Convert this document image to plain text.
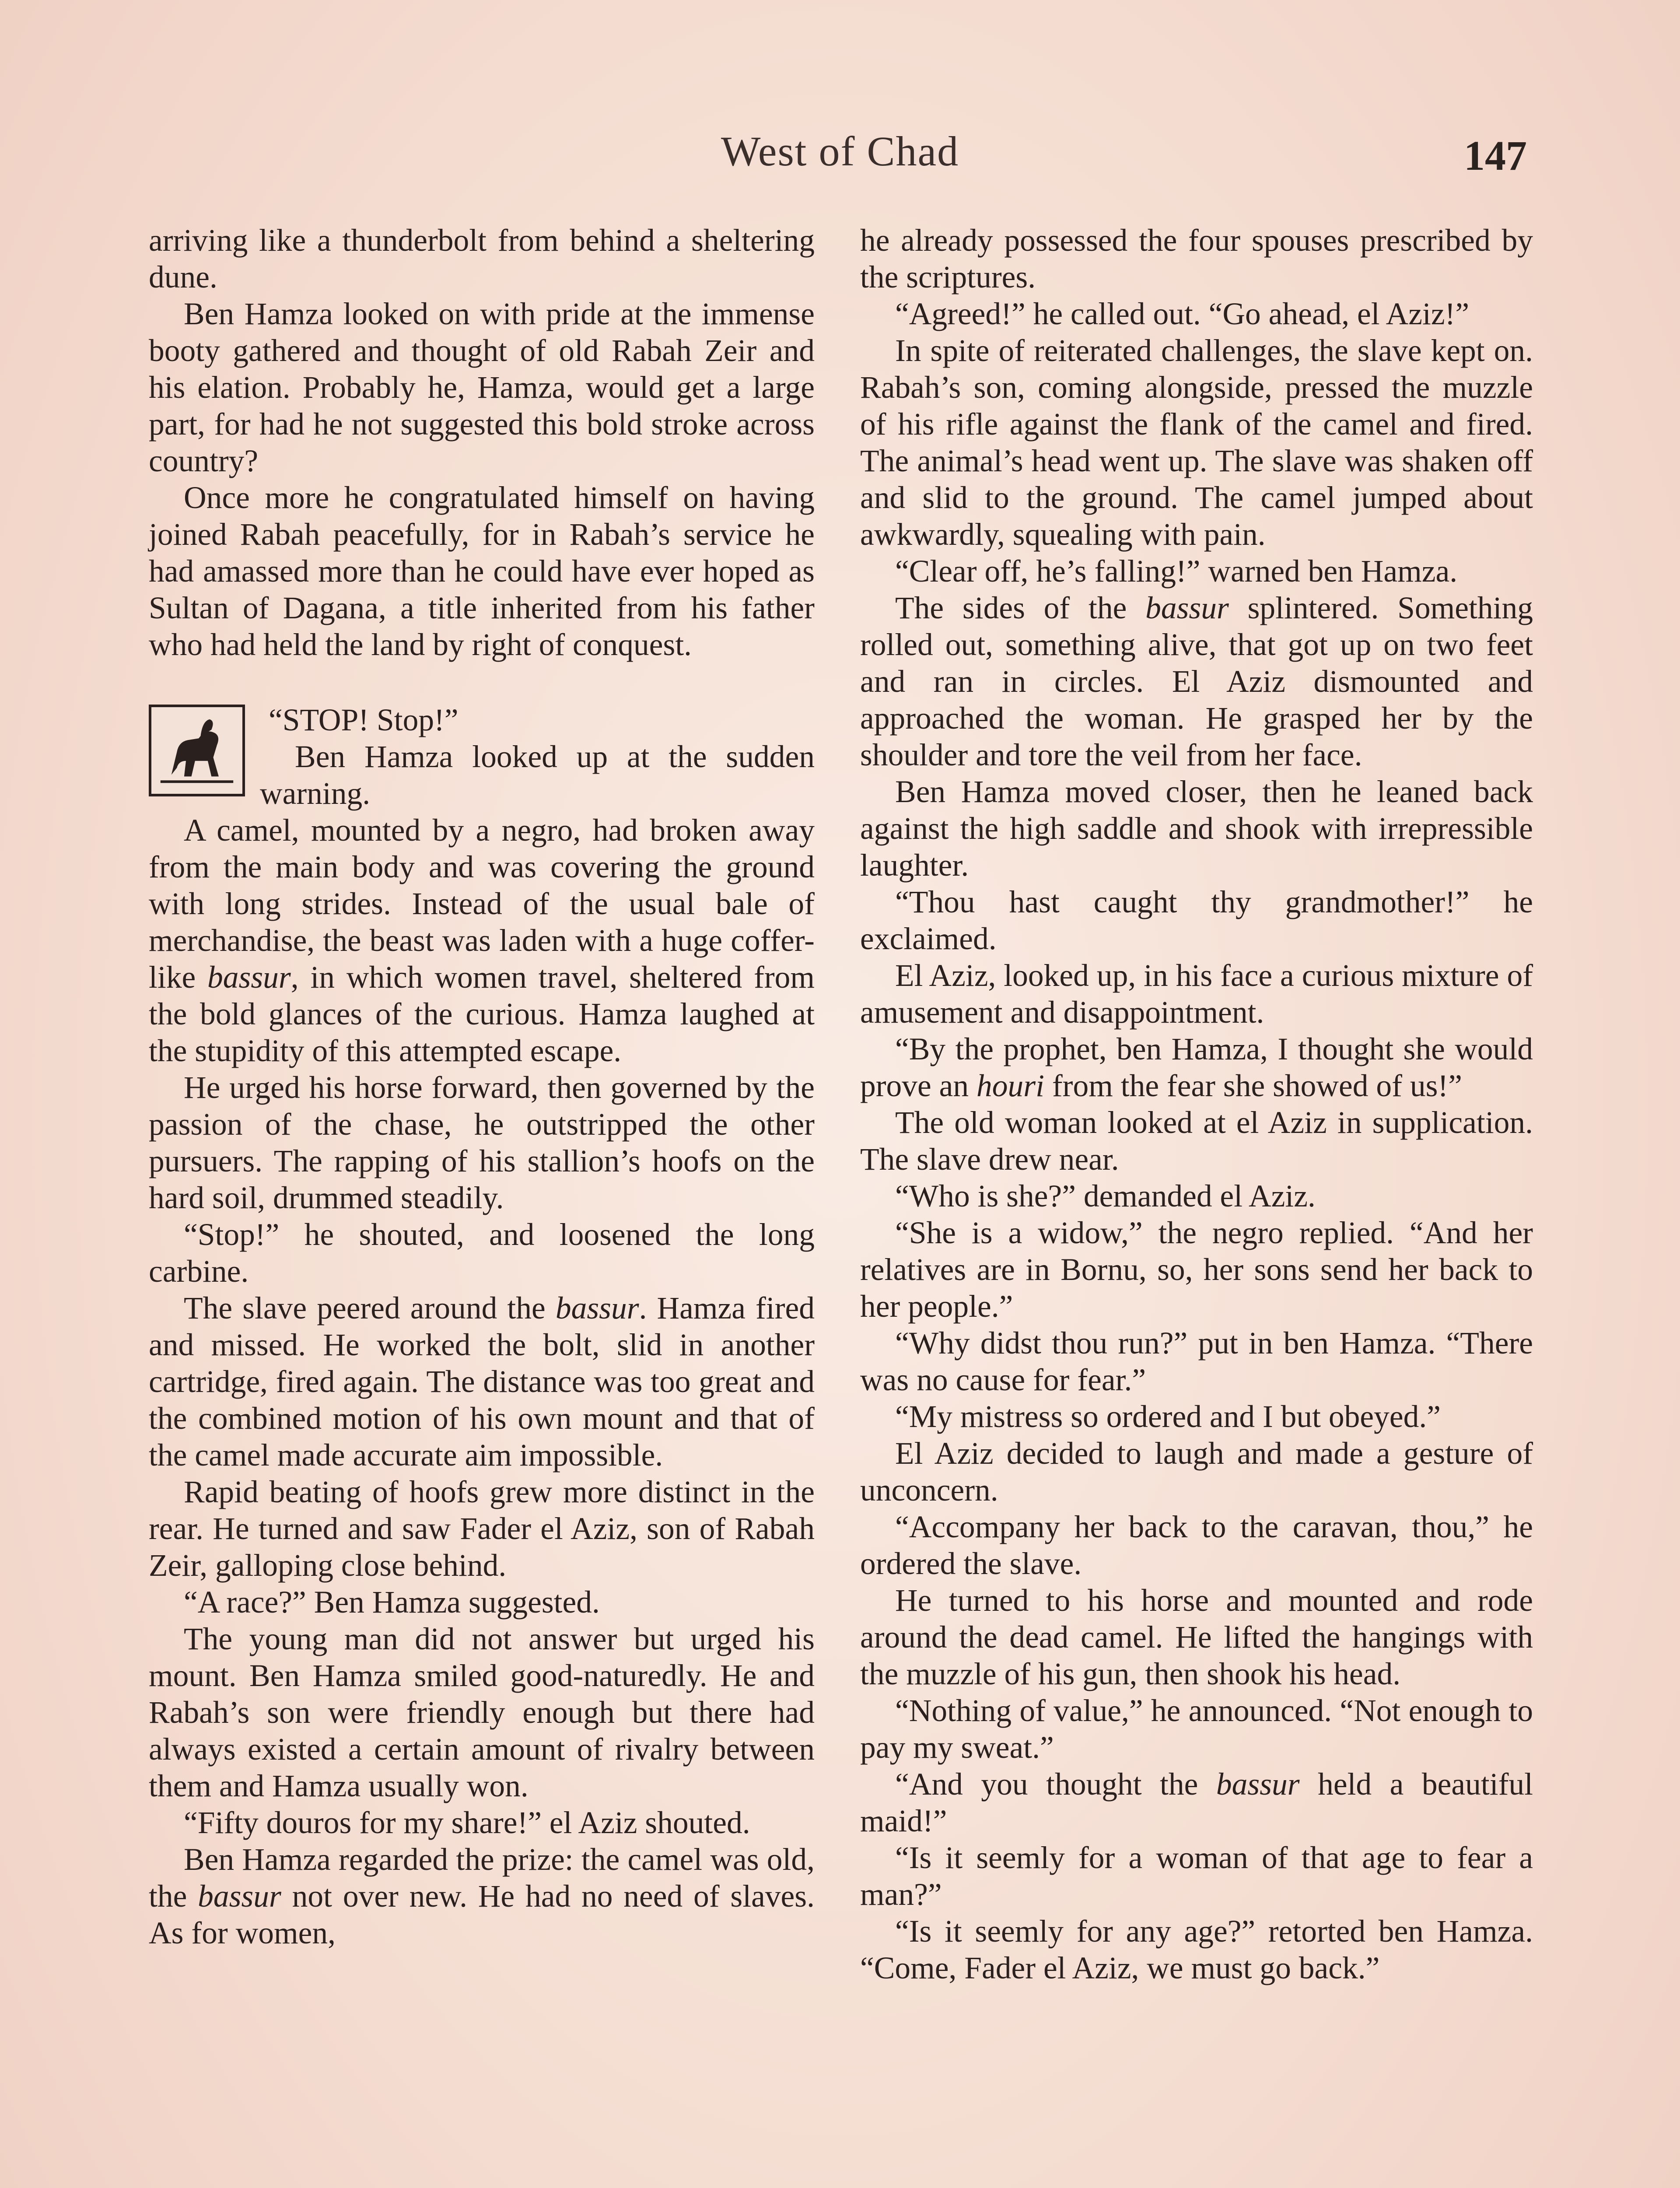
West of Chad	147

arriving like a thunderbolt from behind a sheltering dune.

Ben Hamza looked on with pride at the immense booty gathered and thought of old Rabah Zeir and his elation. Probably he, Hamza, would get a large part, for had he not suggested this bold stroke across country?

Once more he congratulated himself on having joined Rabah peacefully, for in Rabah’s service he had amassed more than he could have ever hoped as Sultan of Dagana, a title inherited from his father who had held the land by right of conquest.

“STOP! Stop!”

Ben Hamza looked up at the sudden warning.

A camel, mounted by a negro, had broken away from the main body and was covering the ground with long strides. Instead of the usual bale of merchandise, the beast was laden with a huge coffer-like bassur, in which women travel, sheltered from the bold glances of the curious. Hamza laughed at the stupidity of this attempted escape.

He urged his horse forward, then governed by the passion of the chase, he outstripped the other pursuers. The rapping of his stallion’s hoofs on the hard soil, drummed steadily.

“Stop!” he shouted, and loosened the long carbine.

The slave peered around the bassur. Hamza fired and missed. He worked the bolt, slid in another cartridge, fired again. The distance was too great and the combined motion of his own mount and that of the camel made accurate aim impossible.

Rapid beating of hoofs grew more distinct in the rear. He turned and saw Fader el Aziz, son of Rabah Zeir, galloping close behind.

“A race?” Ben Hamza suggested.

The young man did not answer but urged his mount. Ben Hamza smiled good-naturedly. He and Rabah’s son were friendly enough but there had always existed a certain amount of rivalry between them and Hamza usually won.

“Fifty douros for my share!” el Aziz shouted.

Ben Hamza regarded the prize: the camel was old, the bassur not over new. He had no need of slaves. As for women,

he already possessed the four spouses prescribed by the scriptures.

“Agreed!” he called out. “Go ahead, el Aziz!”

In spite of reiterated challenges, the slave kept on. Rabah’s son, coming alongside, pressed the muzzle of his rifle against the flank of the camel and fired. The animal’s head went up. The slave was shaken off and slid to the ground. The camel jumped about awkwardly, squealing with pain.

“Clear off, he’s falling!” warned ben Hamza.

The sides of the bassur splintered. Something rolled out, something alive, that got up on two feet and ran in circles. El Aziz dismounted and approached the woman. He grasped her by the shoulder and tore the veil from her face.

Ben Hamza moved closer, then he leaned back against the high saddle and shook with irrepressible laughter.

“Thou hast caught thy grandmother!” he exclaimed.

El Aziz, looked up, in his face a curious mixture of amusement and disappointment.

“By the prophet, ben Hamza, I thought she would prove an houri from the fear she showed of us!”

The old woman looked at el Aziz in supplication. The slave drew near.

“Who is she?” demanded el Aziz.

“She is a widow,” the negro replied. “And her relatives are in Bornu, so, her sons send her back to her people.”

“Why didst thou run?” put in ben Hamza. “There was no cause for fear.”

“My mistress so ordered and I but obeyed.”

El Aziz decided to laugh and made a gesture of unconcern.

“Accompany her back to the caravan, thou,” he ordered the slave.

He turned to his horse and mounted and rode around the dead camel. He lifted the hangings with the muzzle of his gun, then shook his head.

“Nothing of value,” he announced. “Not enough to pay my sweat.”

“And you thought the bassur held a beautiful maid!”

“Is it seemly for a woman of that age to fear a man?”

“Is it seemly for any age?” retorted ben Hamza. “Come, Fader el Aziz, we must go back.”
